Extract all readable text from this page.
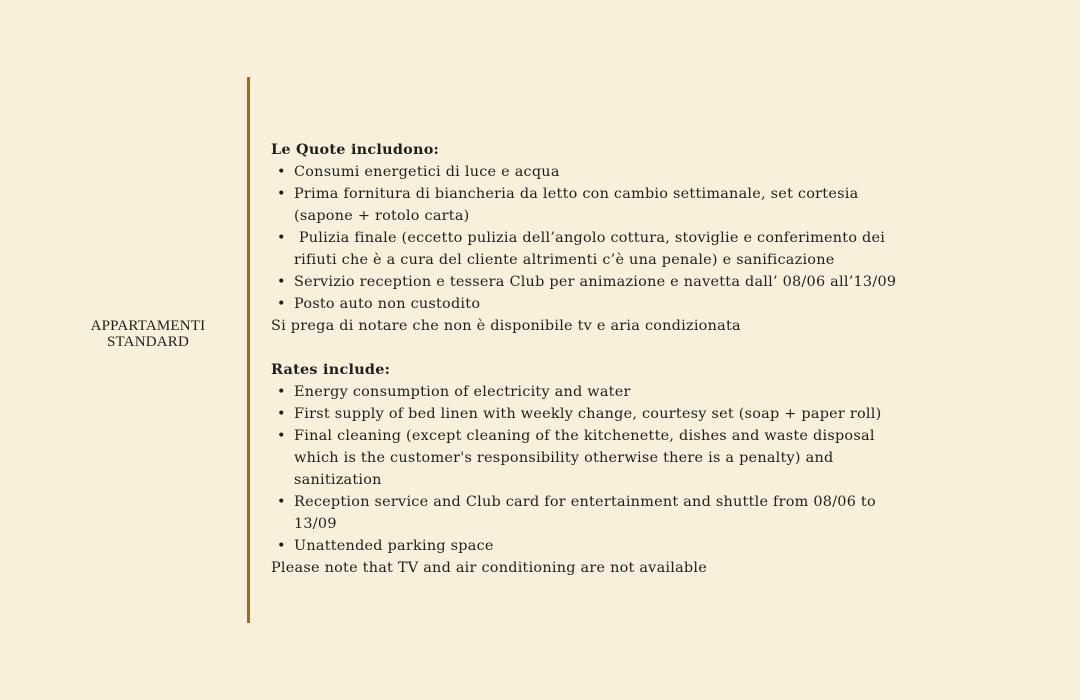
APPARTAMENTI
STANDARD

Le Quote includono:

• Consumi energetici di luce e acqua
• Prima fornitura di biancheria da letto con cambio settimanale, set cortesia (sapone + rotolo carta)
• Pulizia finale (eccetto pulizia dell’angolo cottura, stoviglie e conferimento dei rifiuti che è a cura del cliente altrimenti c’è una penale) e sanificazione
• Servizio reception e tessera Club per animazione e navetta dall’ 08/06 all’13/09
• Posto auto non custodito

Si prega di notare che non è disponibile tv e aria condizionata

Rates include:

• Energy consumption of electricity and water
• First supply of bed linen with weekly change, courtesy set (soap + paper roll)
• Final cleaning (except cleaning of the kitchenette, dishes and waste disposal which is the customer's responsibility otherwise there is a penalty) and sanitization
• Reception service and Club card for entertainment and shuttle from 08/06 to 13/09
• Unattended parking space

Please note that TV and air conditioning are not available
